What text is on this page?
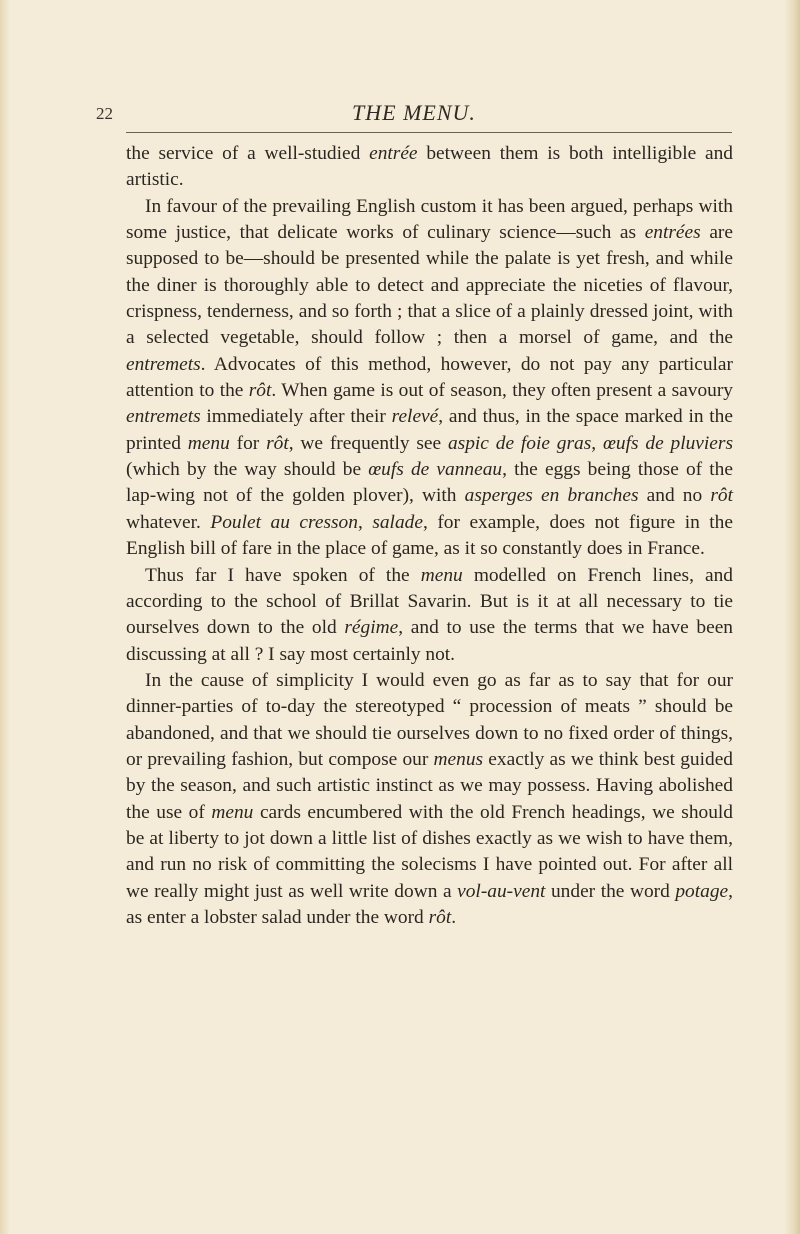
22	THE MENU.

the service of a well-studied entrée between them is both intelligible and artistic.

In favour of the prevailing English custom it has been argued, perhaps with some justice, that delicate works of culinary science—such as entrées are supposed to be—should be presented while the palate is yet fresh, and while the diner is thoroughly able to detect and appreciate the niceties of flavour, crispness, tenderness, and so forth ; that a slice of a plainly dressed joint, with a selected vegetable, should follow ; then a morsel of game, and the entremets. Advocates of this method, however, do not pay any particular attention to the rôt. When game is out of season, they often present a savoury entremets immediately after their relevé, and thus, in the space marked in the printed menu for rôt, we frequently see aspic de foie gras, œufs de pluviers (which by the way should be œufs de vanneau, the eggs being those of the lap-wing not of the golden plover), with asperges en branches and no rôt whatever. Poulet au cresson, salade, for example, does not figure in the English bill of fare in the place of game, as it so constantly does in France.

Thus far I have spoken of the menu modelled on French lines, and according to the school of Brillat Savarin. But is it at all necessary to tie ourselves down to the old régime, and to use the terms that we have been discussing at all ? I say most certainly not.

In the cause of simplicity I would even go as far as to say that for our dinner-parties of to-day the stereotyped “ procession of meats ” should be abandoned, and that we should tie ourselves down to no fixed order of things, or prevailing fashion, but compose our menus exactly as we think best guided by the season, and such artistic instinct as we may possess. Having abolished the use of menu cards encumbered with the old French headings, we should be at liberty to jot down a little list of dishes exactly as we wish to have them, and run no risk of committing the solecisms I have pointed out. For after all we really might just as well write down a vol-au-vent under the word potage, as enter a lobster salad under the word rôt.
